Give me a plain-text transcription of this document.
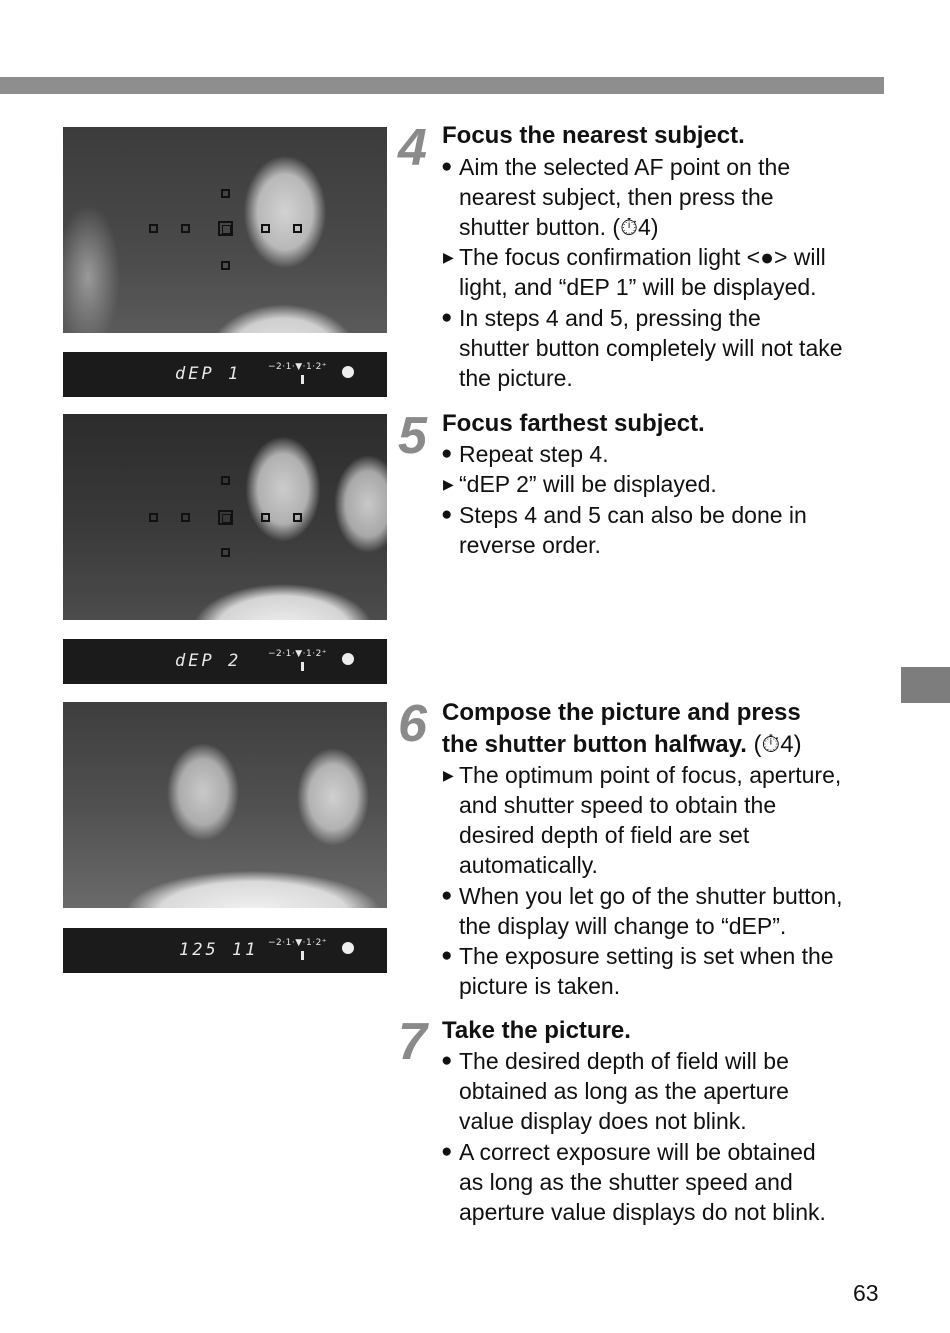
dEP 1	−2·1·▼·1·2⁺
dEP 2	−2·1·▼·1·2⁺
125 11 −2·1·▼·1·2⁺
4 Focus the nearest subject.
● Aim the selected AF point on the
nearest subject, then press the
shutter button. (⏱4)
▶ The focus confirmation light <●> will
light, and “dEP 1” will be displayed.
● In steps 4 and 5, pressing the
shutter button completely will not take
the picture.
5 Focus farthest subject.
● Repeat step 4.
▶ “dEP 2” will be displayed.
● Steps 4 and 5 can also be done in
reverse order.
6 Compose the picture and press
the shutter button halfway. (⏱4)
▶ The optimum point of focus, aperture,
and shutter speed to obtain the
desired depth of field are set
automatically.
● When you let go of the shutter button,
the display will change to “dEP”.
● The exposure setting is set when the
picture is taken.
7 Take the picture.
● The desired depth of field will be
obtained as long as the aperture
value display does not blink.
● A correct exposure will be obtained
as long as the shutter speed and
aperture value displays do not blink.
63
